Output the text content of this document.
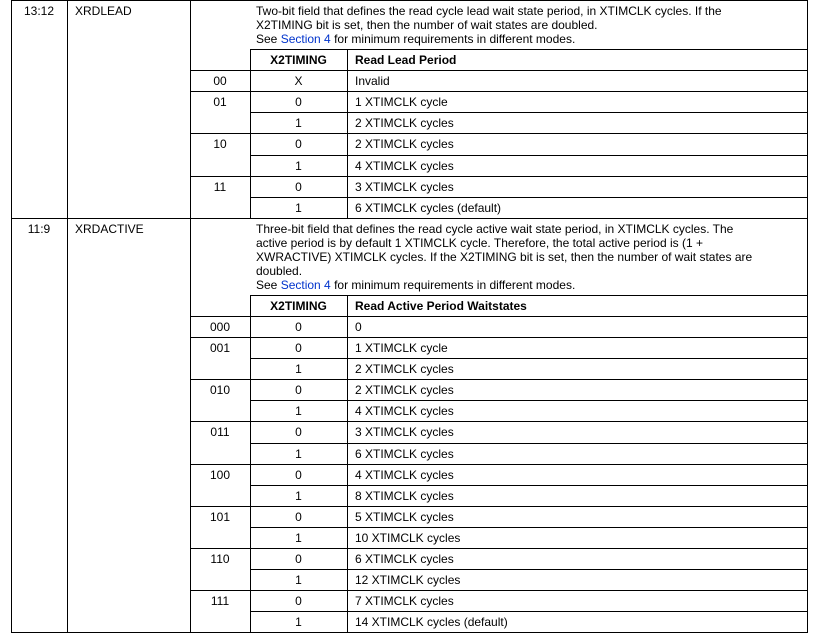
13:12	XRDLEAD	Two-bit field that defines the read cycle lead wait state period, in XTIMCLK cycles. If the
X2TIMING bit is set, then the number of wait states are doubled.
See Section 4 for minimum requirements in different modes.
X2TIMING	Read Lead Period
00	X	Invalid
01	0	1 XTIMCLK cycle
1	2 XTIMCLK cycles
10	0	2 XTIMCLK cycles
1	4 XTIMCLK cycles
11	0	3 XTIMCLK cycles
1	6 XTIMCLK cycles (default)
11:9	XRDACTIVE	Three-bit field that defines the read cycle active wait state period, in XTIMCLK cycles. The
active period is by default 1 XTIMCLK cycle. Therefore, the total active period is (1 +
XWRACTIVE) XTIMCLK cycles. If the X2TIMING bit is set, then the number of wait states are
doubled.
See Section 4 for minimum requirements in different modes.
X2TIMING	Read Active Period Waitstates
000	0	0
001	0	1 XTIMCLK cycle
1	2 XTIMCLK cycles
010	0	2 XTIMCLK cycles
1	4 XTIMCLK cycles
011	0	3 XTIMCLK cycles
1	6 XTIMCLK cycles
100	0	4 XTIMCLK cycles
1	8 XTIMCLK cycles
101	0	5 XTIMCLK cycles
1	10 XTIMCLK cycles
110	0	6 XTIMCLK cycles
1	12 XTIMCLK cycles
111	0	7 XTIMCLK cycles
1	14 XTIMCLK cycles (default)
